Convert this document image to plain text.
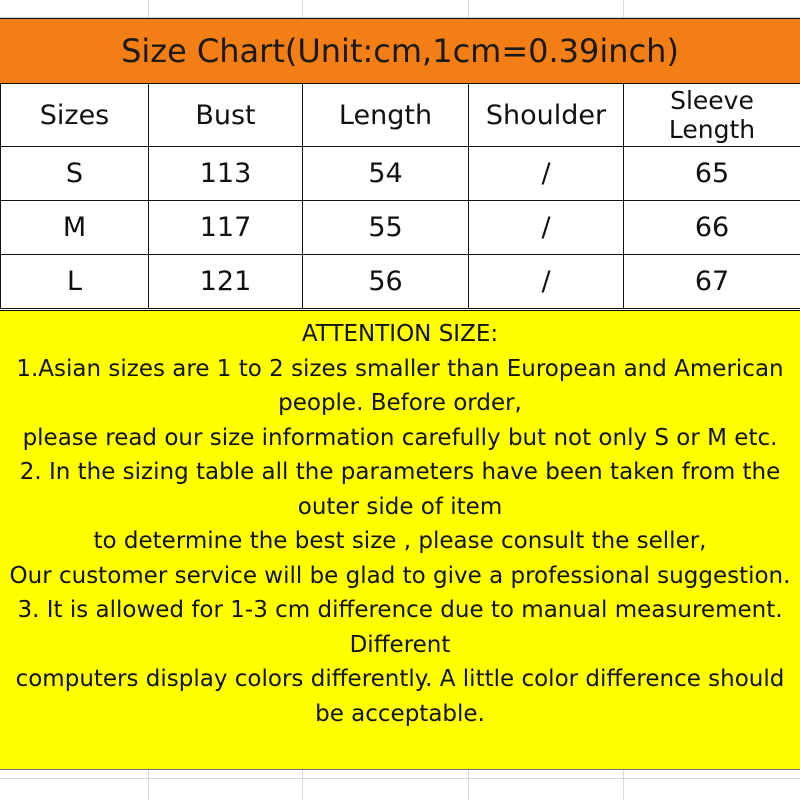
Size Chart(Unit:cm,1cm=0.39inch)
Sizes	Bust	Length	Shoulder	Sleeve Length
S	113	54	/	65
M	117	55	/	66
L	121	56	/	67
ATTENTION SIZE:
1.Asian sizes are 1 to 2 sizes smaller than European and American
people. Before order,
please read our size information carefully but not only S or M etc.
2. In the sizing table all the parameters have been taken from the
outer side of item
to determine the best size , please consult the seller,
Our customer service will be glad to give a professional suggestion.
3. It is allowed for 1-3 cm difference due to manual measurement.
Different
computers display colors differently. A little color difference should
be acceptable.
